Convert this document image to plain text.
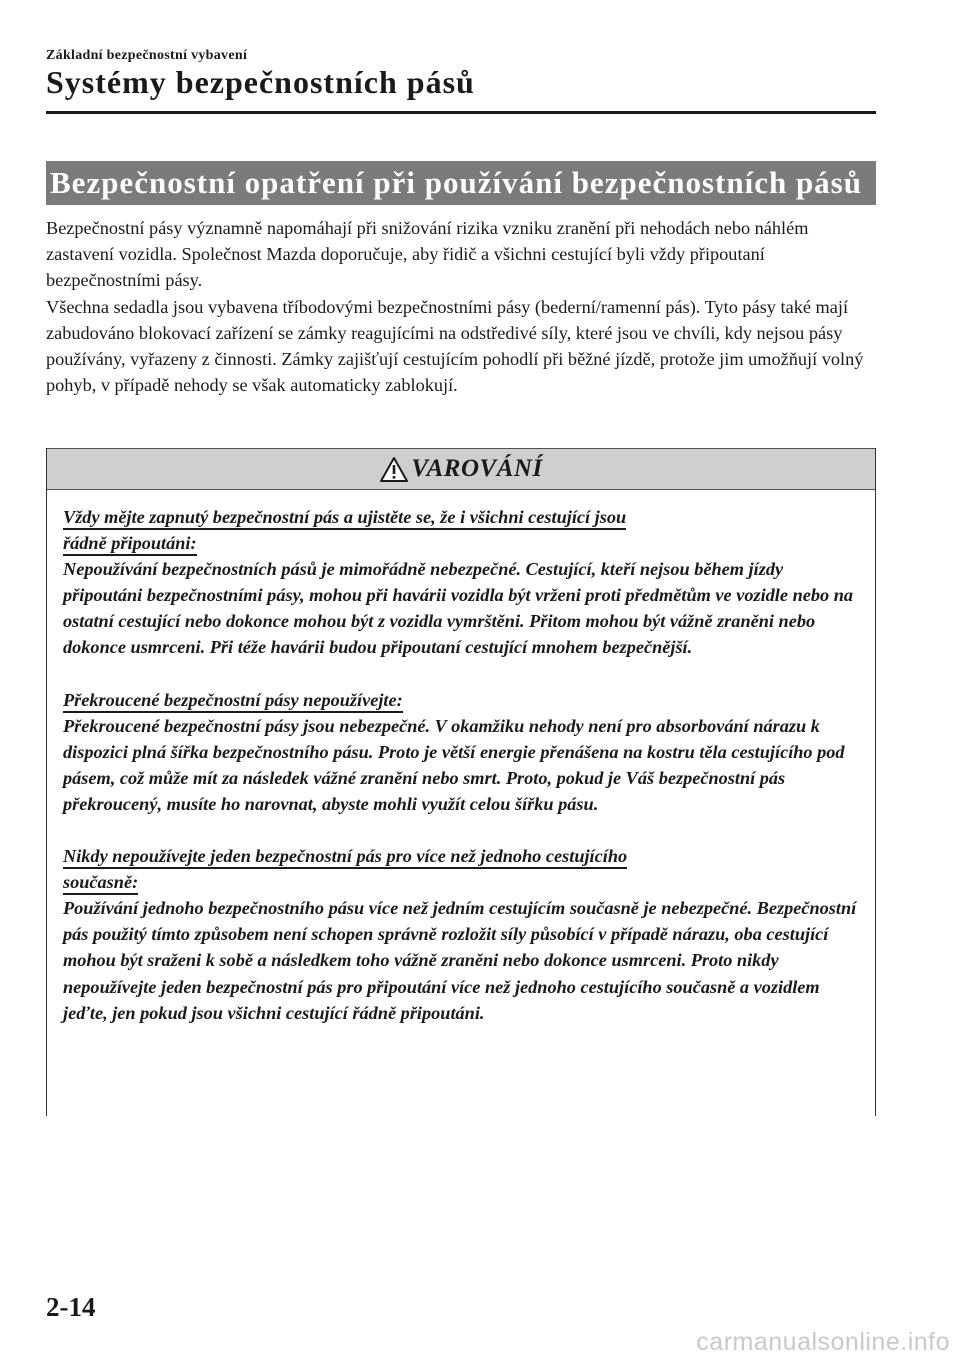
Základní bezpečnostní vybavení
Systémy bezpečnostních pásů
Bezpečnostní opatření při používání bezpečnostních pásů

Bezpečnostní pásy významně napomáhají při snižování rizika vzniku zranění při nehodách nebo náhlém zastavení vozidla. Společnost Mazda doporučuje, aby řidič a všichni cestující byli vždy připoutaní bezpečnostními pásy.

Všechna sedadla jsou vybavena tříbodovými bezpečnostními pásy (bederní/ramenní pás). Tyto pásy také mají zabudováno blokovací zařízení se zámky reagujícími na odstředivé síly, které jsou ve chvíli, kdy nejsou pásy používány, vyřazeny z činnosti. Zámky zajišťují cestujícím pohodlí při běžné jízdě, protože jim umožňují volný pohyb, v případě nehody se však automaticky zablokují.

VAROVÁNÍ
Vždy mějte zapnutý bezpečnostní pás a ujistěte se, že i všichni cestující jsou
řádně připoutáni:

Nepoužívání bezpečnostních pásů je mimořádně nebezpečné. Cestující, kteří nejsou během jízdy připoutáni bezpečnostními pásy, mohou při havárii vozidla být vrženi proti předmětům ve vozidle nebo na ostatní cestující nebo dokonce mohou být z vozidla vymrštěni. Přitom mohou být vážně zraněni nebo dokonce usmrceni. Při téže havárii budou připoutaní cestující mnohem bezpečnější.

Překroucené bezpečnostní pásy nepoužívejte:

Překroucené bezpečnostní pásy jsou nebezpečné. V okamžiku nehody není pro absorbování nárazu k dispozici plná šířka bezpečnostního pásu. Proto je větší energie přenášena na kostru těla cestujícího pod pásem, což může mít za následek vážné zranění nebo smrt. Proto, pokud je Váš bezpečnostní pás překroucený, musíte ho narovnat, abyste mohli využít celou šířku pásu.

Nikdy nepoužívejte jeden bezpečnostní pás pro více než jednoho cestujícího
současně:

Používání jednoho bezpečnostního pásu více než jedním cestujícím současně je nebezpečné. Bezpečnostní pás použitý tímto způsobem není schopen správně rozložit síly působící v případě nárazu, oba cestující mohou být sraženi k sobě a následkem toho vážně zraněni nebo dokonce usmrceni. Proto nikdy nepoužívejte jeden bezpečnostní pás pro připoutání více než jednoho cestujícího současně a vozidlem jeďte, jen pokud jsou všichni cestující řádně připoutáni.

2-14
carmanualsonline.info
